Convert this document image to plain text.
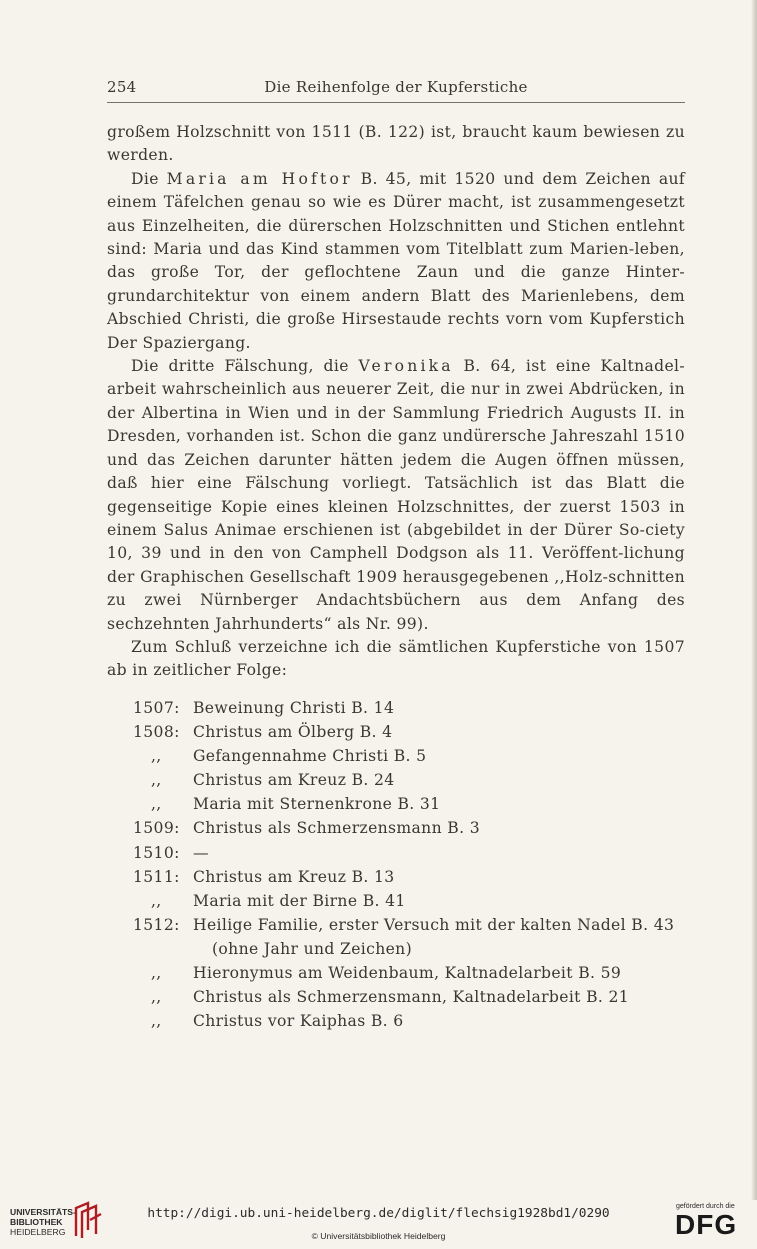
254	Die Reihenfolge der Kupferstiche

großem Holzschnitt von 1511 (B. 122) ist, braucht kaum bewiesen zu werden.

Die Maria am Hoftor B. 45, mit 1520 und dem Zeichen auf einem Täfelchen genau so wie es Dürer macht, ist zusammengesetzt aus Einzelheiten, die dürerschen Holzschnitten und Stichen entlehnt sind: Maria und das Kind stammen vom Titelblatt zum Marien-leben, das große Tor, der geflochtene Zaun und die ganze Hinter-grundarchitektur von einem andern Blatt des Marienlebens, dem Abschied Christi, die große Hirsestaude rechts vorn vom Kupferstich Der Spaziergang.

Die dritte Fälschung, die Veronika B. 64, ist eine Kaltnadel-arbeit wahrscheinlich aus neuerer Zeit, die nur in zwei Abdrücken, in der Albertina in Wien und in der Sammlung Friedrich Augusts II. in Dresden, vorhanden ist. Schon die ganz undürersche Jahreszahl 1510 und das Zeichen darunter hätten jedem die Augen öffnen müssen, daß hier eine Fälschung vorliegt. Tatsächlich ist das Blatt die gegenseitige Kopie eines kleinen Holzschnittes, der zuerst 1503 in einem Salus Animae erschienen ist (abgebildet in der Dürer So-ciety 10, 39 und in den von Camphell Dodgson als 11. Veröffent-lichung der Graphischen Gesellschaft 1909 herausgegebenen ,,Holz-schnitten zu zwei Nürnberger Andachtsbüchern aus dem Anfang des sechzehnten Jahrhunderts“ als Nr. 99).

Zum Schluß verzeichne ich die sämtlichen Kupferstiche von 1507 ab in zeitlicher Folge:

1507: Beweinung Christi B. 14
1508: Christus am Ölberg B. 4
,, Gefangennahme Christi B. 5
,, Christus am Kreuz B. 24
,, Maria mit Sternenkrone B. 31
1509: Christus als Schmerzensmann B. 3
1510: —
1511: Christus am Kreuz B. 13
,, Maria mit der Birne B. 41
1512: Heilige Familie, erster Versuch mit der kalten Nadel B. 43
(ohne Jahr und Zeichen)
,, Hieronymus am Weidenbaum, Kaltnadelarbeit B. 59
,, Christus als Schmerzensmann, Kaltnadelarbeit B. 21
,, Christus vor Kaiphas B. 6
UNIVERSITÄTS-
BIBLIOTHEK
HEIDELBERG
http://digi.ub.uni-heidelberg.de/diglit/flechsig1928bd1/0290
© Universitätsbibliothek Heidelberg
gefördert durch die
DFG
